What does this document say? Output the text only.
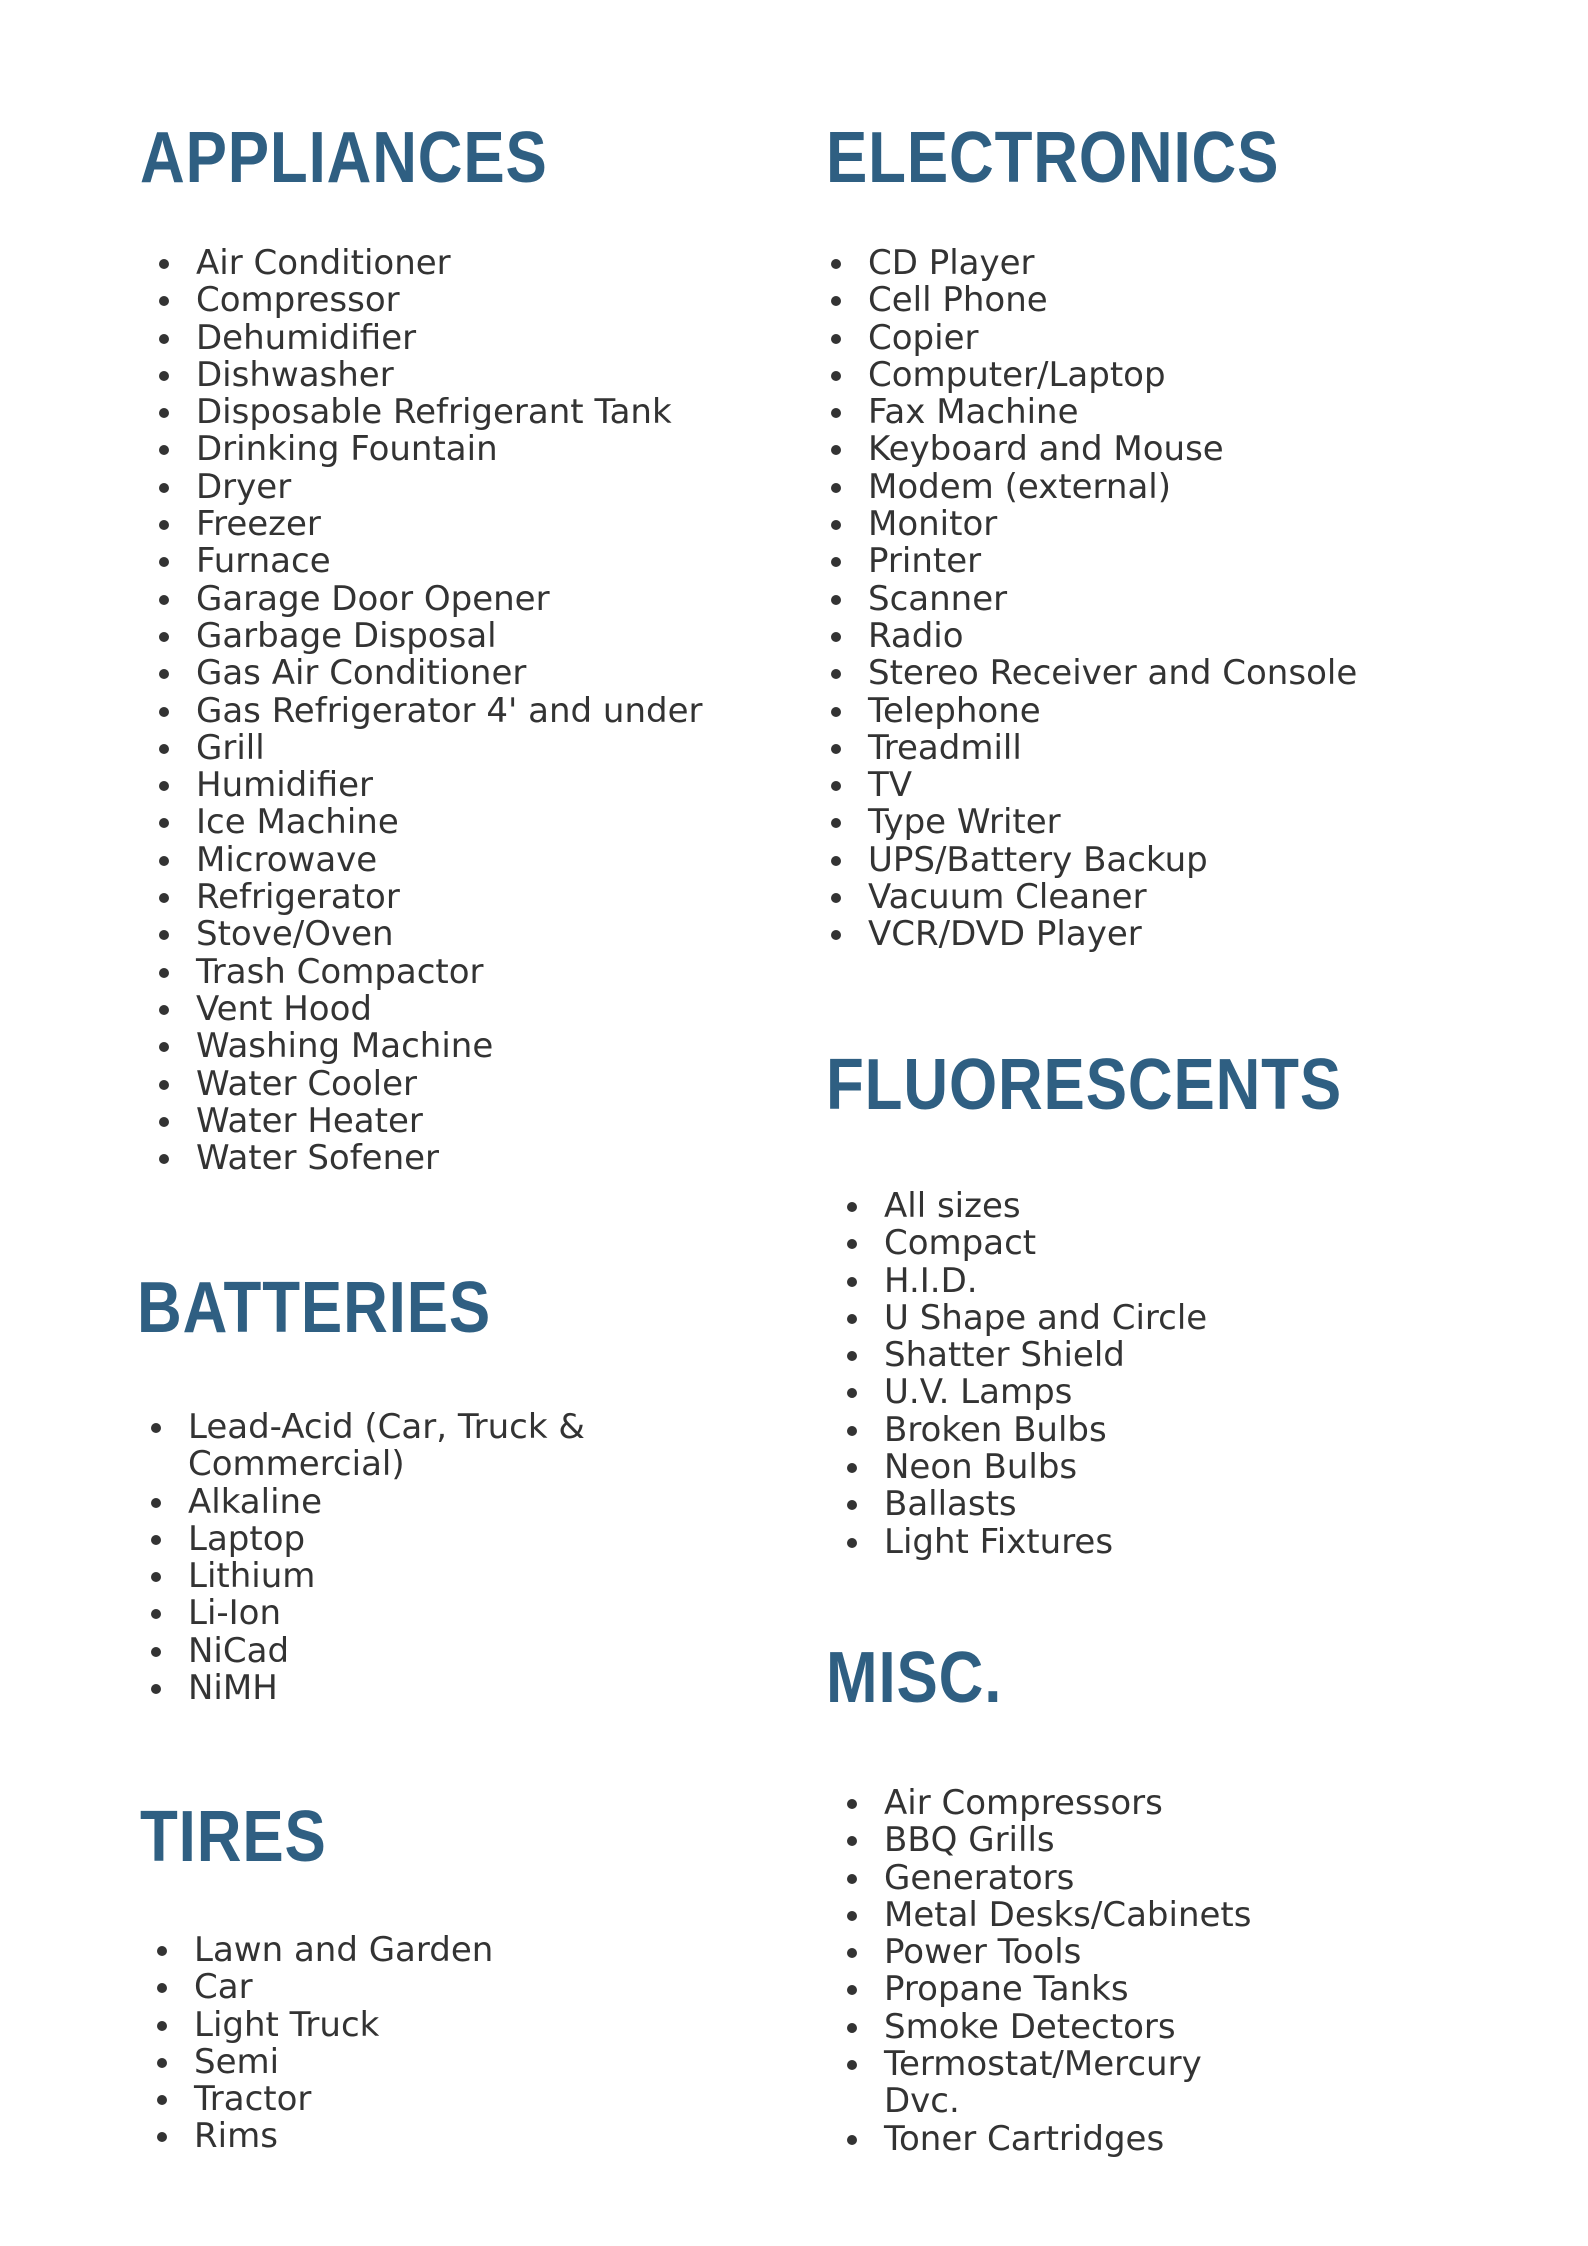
APPLIANCES
Air Conditioner
Compressor
Dehumidifier
Dishwasher
Disposable Refrigerant Tank
Drinking Fountain
Dryer
Freezer
Furnace
Garage Door Opener
Garbage Disposal
Gas Air Conditioner
Gas Refrigerator 4' and under
Grill
Humidifier
Ice Machine
Microwave
Refrigerator
Stove/Oven
Trash Compactor
Vent Hood
Washing Machine
Water Cooler
Water Heater
Water Sofener
BATTERIES
Lead-Acid (Car, Truck & Commercial)
Alkaline
Laptop
Lithium
Li-Ion
NiCad
NiMH
TIRES
Lawn and Garden
Car
Light Truck
Semi
Tractor
Rims
ELECTRONICS
CD Player
Cell Phone
Copier
Computer/Laptop
Fax Machine
Keyboard and Mouse
Modem (external)
Monitor
Printer
Scanner
Radio
Stereo Receiver and Console
Telephone
Treadmill
TV
Type Writer
UPS/Battery Backup
Vacuum Cleaner
VCR/DVD Player
FLUORESCENTS
All sizes
Compact
H.I.D.
U Shape and Circle
Shatter Shield
U.V. Lamps
Broken Bulbs
Neon Bulbs
Ballasts
Light Fixtures
MISC.
Air Compressors
BBQ Grills
Generators
Metal Desks/Cabinets
Power Tools
Propane Tanks
Smoke Detectors
Termostat/Mercury Dvc.
Toner Cartridges
